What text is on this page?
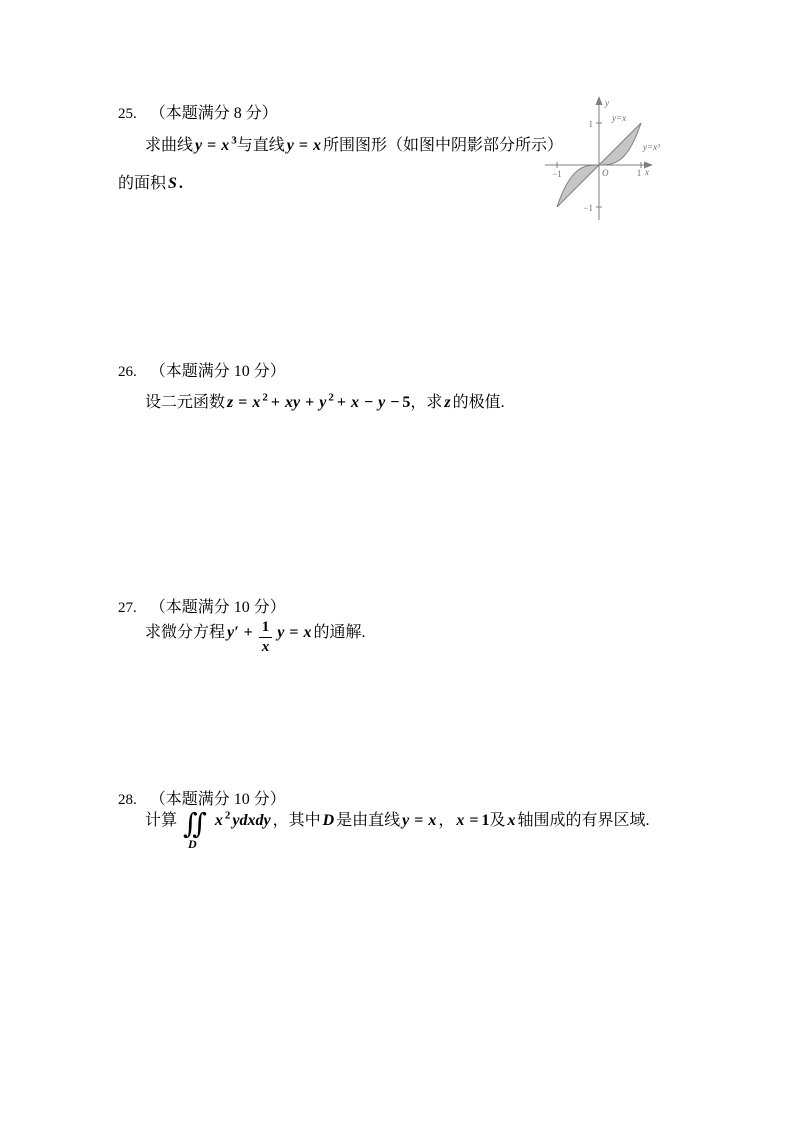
25. （本题满分 8 分）
求曲线 y = x $^3$与直线 y = x 所围图形（如图中阴影部分所示）
的面积 S .
y
x
O
1
−1
−1	1
y=x
y=x³
26. （本题满分 10 分）
设二元函数 z = x $^2$ + xy + y $^2$ + x − y − 5，求 z 的极值.
27. （本题满分 10 分）
求微分方程 $y' + \frac{1}{x}$ y = x 的通解.
28. （本题满分 10 分）
计算 ∬
D
x $^2$ ydxdy ，其中 D 是由直线 y = x ， x = 1及 x 轴围成的有界区域.
